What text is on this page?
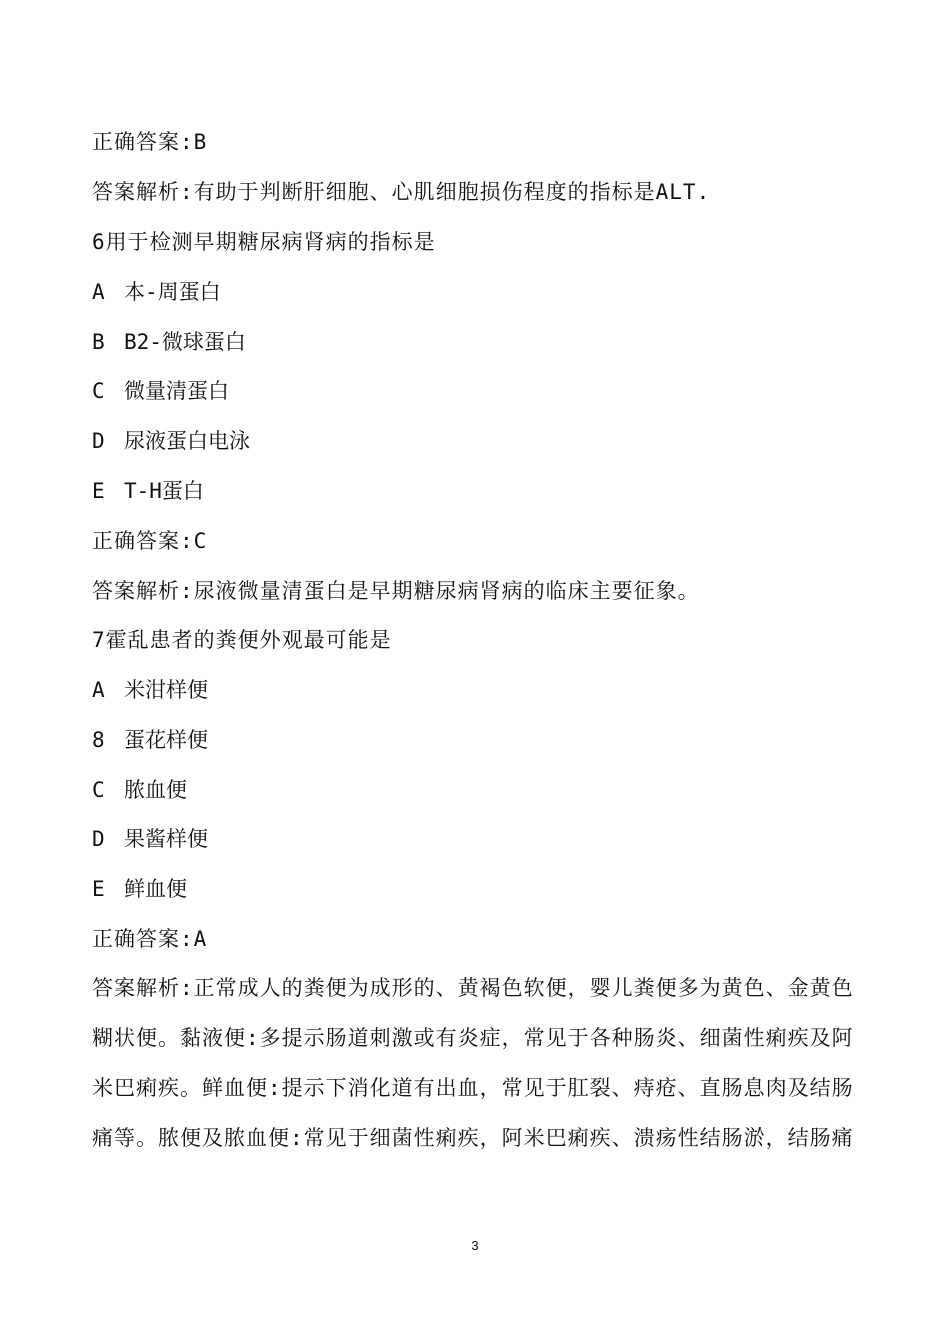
正确答案:B
答案解析:有助于判断肝细胞、心肌细胞损伤程度的指标是ALT.
6用于检测早期糖尿病肾病的指标是
A 本-周蛋白
B B2-微球蛋白
C 微量清蛋白
D 尿液蛋白电泳
E T-H蛋白
正确答案:C
答案解析:尿液微量清蛋白是早期糖尿病肾病的临床主要征象。
7霍乱患者的粪便外观最可能是
A 米泔样便
8 蛋花样便
C 脓血便
D 果酱样便
E 鲜血便
正确答案:A

答案解析:正常成人的粪便为成形的、黄褐色软便，婴儿粪便多为黄色、金黄色

糊状便。黏液便:多提示肠道刺激或有炎症，常见于各种肠炎、细菌性痢疾及阿

米巴痢疾。鲜血便:提示下消化道有出血，常见于肛裂、痔疮、直肠息肉及结肠

痛等。脓便及脓血便:常见于细菌性痢疾，阿米巴痢疾、溃疡性结肠淤，结肠痛

3
